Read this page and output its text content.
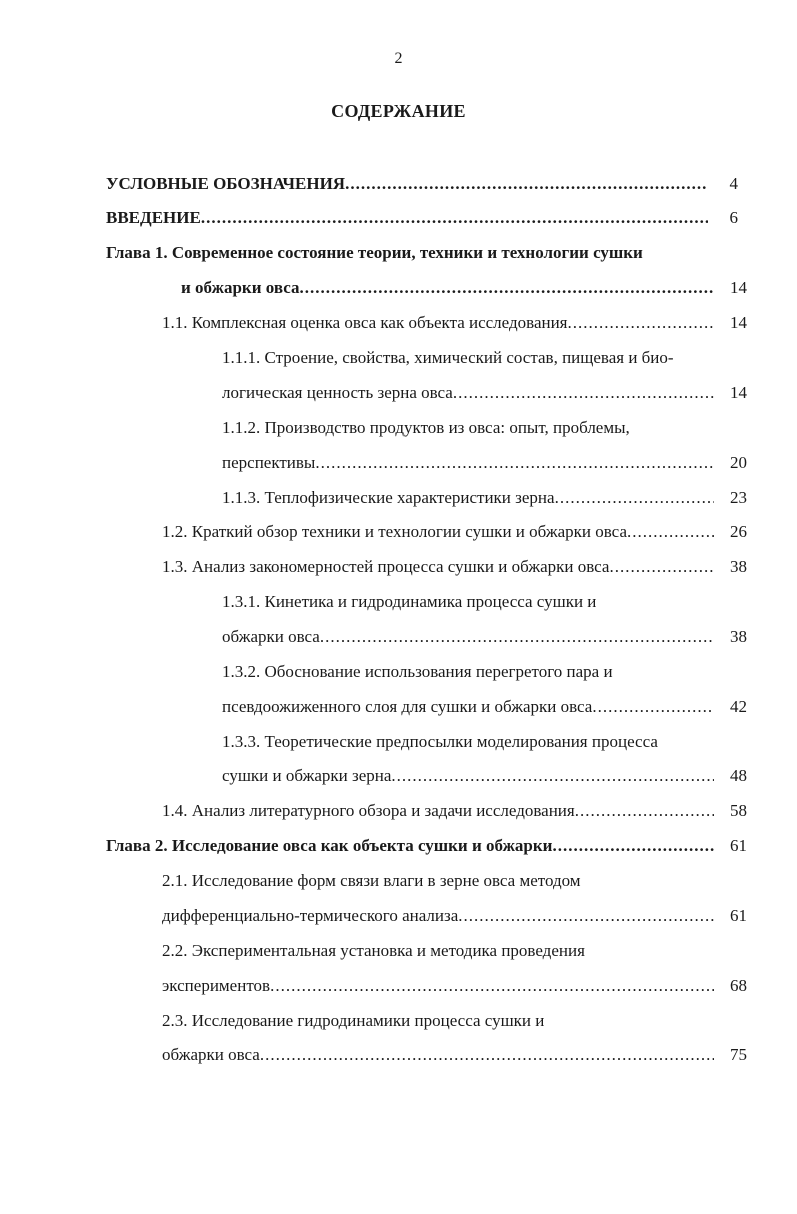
2
СОДЕРЖАНИЕ
УСЛОВНЫЕ ОБОЗНАЧЕНИЯ .....	4
ВВЕДЕНИЕ .....	6
Глава 1. Современное состояние теории, техники и технологии сушки
и обжарки овса .....	14
1.1. Комплексная оценка овса как объекта исследования .....	14
1.1.1. Строение, свойства, химический состав, пищевая и био-
логическая ценность зерна овса .....	14
1.1.2. Производство продуктов из овса: опыт, проблемы,
перспективы .....	20
1.1.3. Теплофизические характеристики зерна .....	23
1.2. Краткий обзор техники и технологии сушки и обжарки овса .....	26
1.3. Анализ закономерностей процесса сушки и обжарки овса .....	38
1.3.1. Кинетика и гидродинамика процесса сушки и
обжарки овса .....	38
1.3.2. Обоснование использования перегретого пара и
псевдоожиженного слоя для сушки и обжарки овса .....	42
1.3.3. Теоретические предпосылки моделирования процесса
сушки и обжарки зерна .....	48
1.4. Анализ литературного обзора и задачи исследования .....	58
Глава 2. Исследование овса как объекта сушки и обжарки .....	61
2.1. Исследование форм связи влаги в зерне овса методом
дифференциально-термического анализа .....	61
2.2. Экспериментальная установка и методика проведения
экспериментов .....	68
2.3. Исследование гидродинамики процесса сушки и
обжарки овса .....	75
